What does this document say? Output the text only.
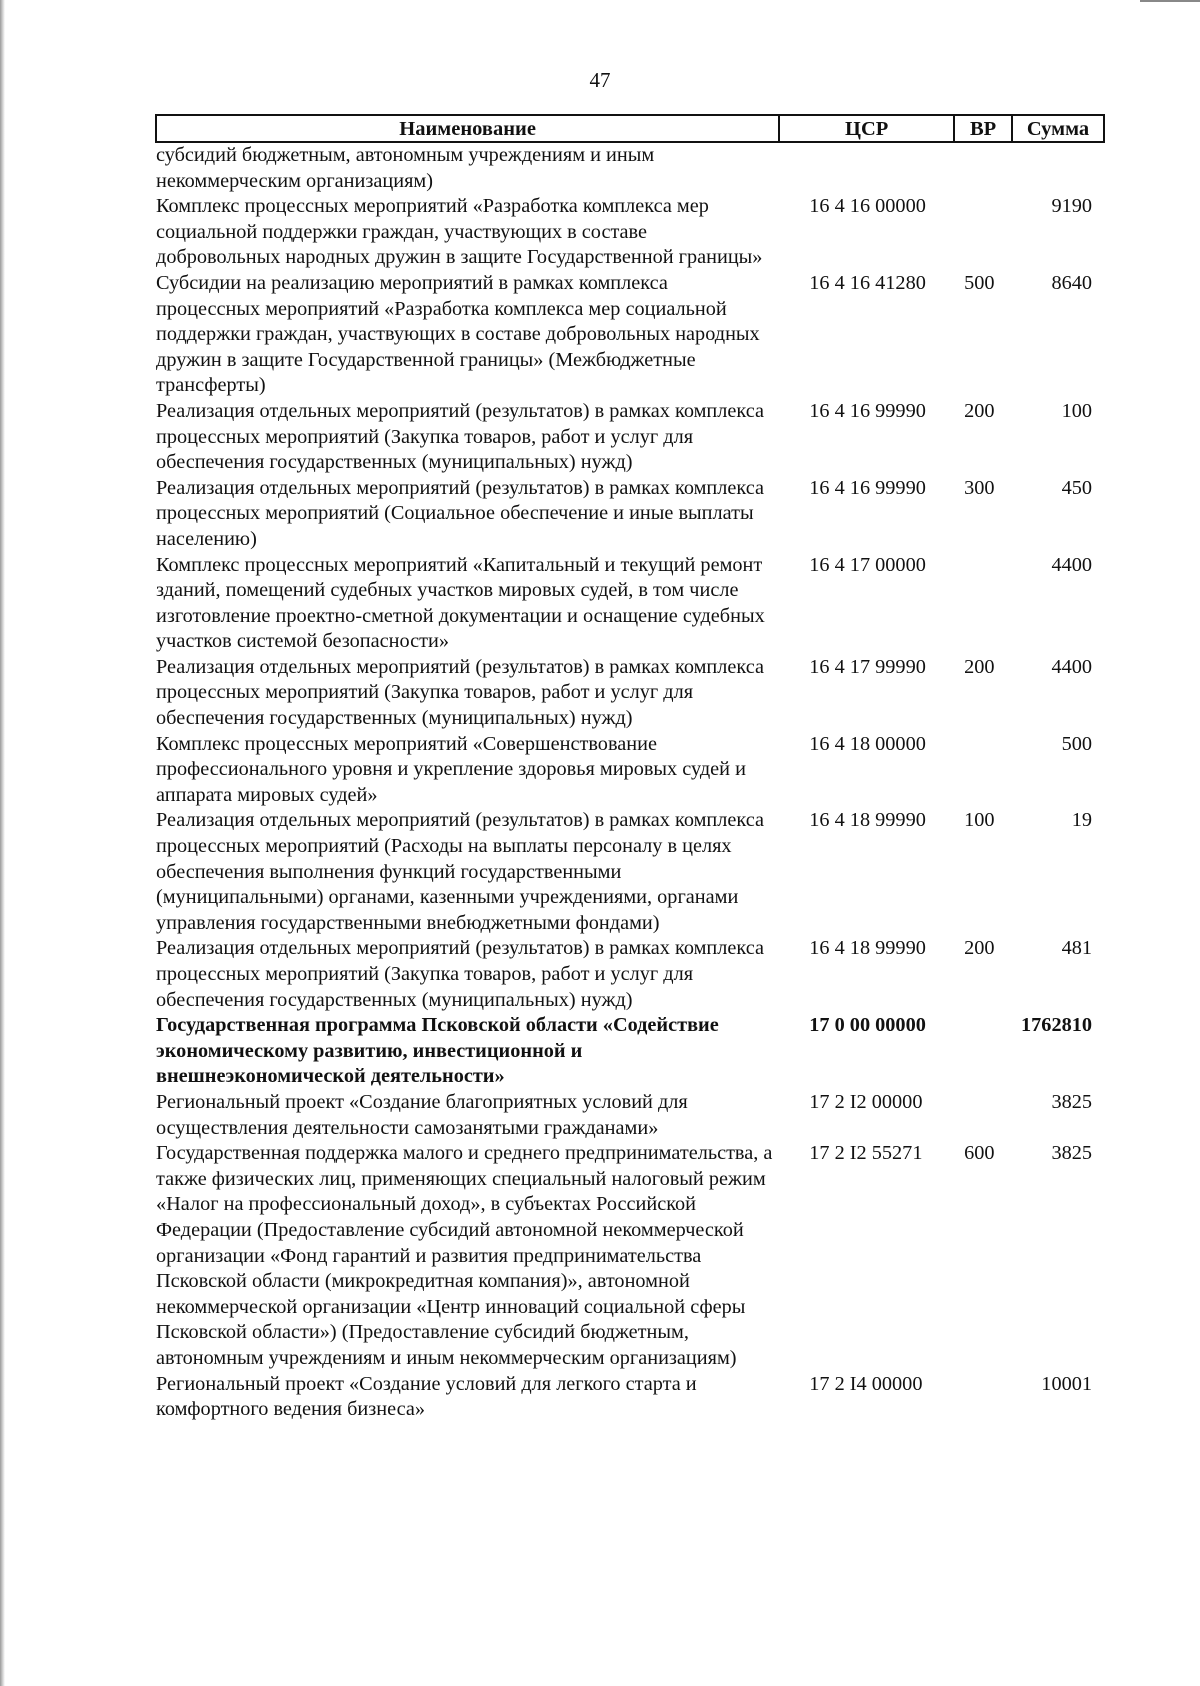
47
Наименование	ЦСР	ВР	Сумма
субсидий бюджетным, автономным учреждениям и иным некоммерческим организациям)			
Комплекс процессных мероприятий «Разработка комплекса мер социальной поддержки граждан, участвующих в составе добровольных народных дружин в защите Государственной границы»	16 4 16 00000		9190
Субсидии на реализацию мероприятий в рамках комплекса процессных мероприятий «Разработка комплекса мер социальной поддержки граждан, участвующих в составе добровольных народных дружин в защите Государственной границы» (Межбюджетные трансферты)	16 4 16 41280	500	8640
Реализация отдельных мероприятий (результатов) в рамках комплекса процессных мероприятий (Закупка товаров, работ и услуг для обеспечения государственных (муниципальных) нужд)	16 4 16 99990	200	100
Реализация отдельных мероприятий (результатов) в рамках комплекса процессных мероприятий (Социальное обеспечение и иные выплаты населению)	16 4 16 99990	300	450
Комплекс процессных мероприятий «Капитальный и текущий ремонт зданий, помещений судебных участков мировых судей, в том числе изготовление проектно-сметной документации и оснащение судебных участков системой безопасности»	16 4 17 00000		4400
Реализация отдельных мероприятий (результатов) в рамках комплекса процессных мероприятий (Закупка товаров, работ и услуг для обеспечения государственных (муниципальных) нужд)	16 4 17 99990	200	4400
Комплекс процессных мероприятий «Совершенствование профессионального уровня и укрепление здоровья мировых судей и аппарата мировых судей»	16 4 18 00000		500
Реализация отдельных мероприятий (результатов) в рамках комплекса процессных мероприятий (Расходы на выплаты персоналу в целях обеспечения выполнения функций государственными (муниципальными) органами, казенными учреждениями, органами управления государственными внебюджетными фондами)	16 4 18 99990	100	19
Реализация отдельных мероприятий (результатов) в рамках комплекса процессных мероприятий (Закупка товаров, работ и услуг для обеспечения государственных (муниципальных) нужд)	16 4 18 99990	200	481
Государственная программа Псковской области «Содействие экономическому развитию, инвестиционной и внешнеэкономической деятельности»	17 0 00 00000		1762810
Региональный проект «Создание благоприятных условий для осуществления деятельности самозанятыми гражданами»	17 2 I2 00000		3825
Государственная поддержка малого и среднего предпринимательства, а также физических лиц, применяющих специальный налоговый режим «Налог на профессиональный доход», в субъектах Российской Федерации (Предоставление субсидий автономной некоммерческой организации «Фонд гарантий и развития предпринимательства Псковской области (микрокредитная компания)», автономной некоммерческой организации «Центр инноваций социальной сферы Псковской области») (Предоставление субсидий бюджетным, автономным учреждениям и иным некоммерческим организациям)	17 2 I2 55271	600	3825
Региональный проект «Создание условий для легкого старта и комфортного ведения бизнеса»	17 2 I4 00000		10001
